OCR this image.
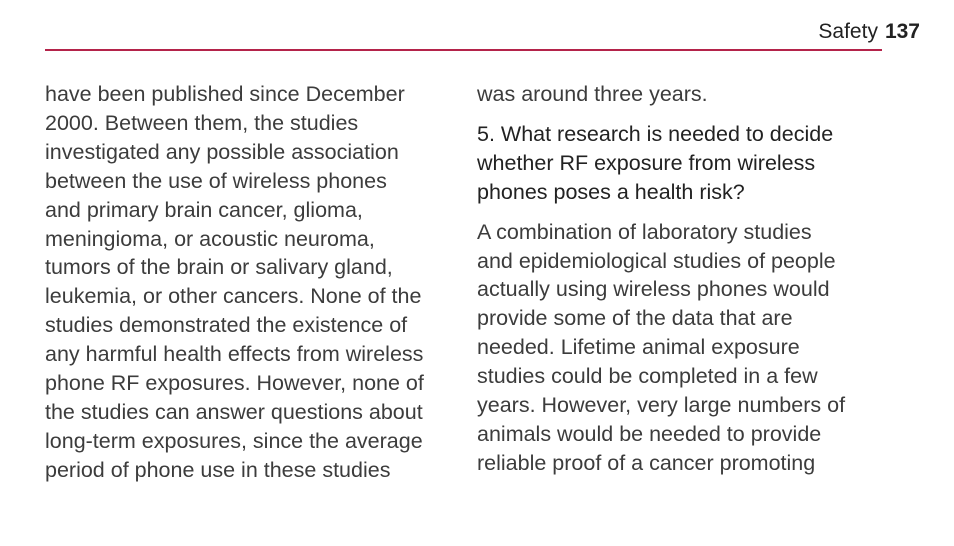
Safety 137

have been published since December
2000. Between them, the studies
investigated any possible association
between the use of wireless phones
and primary brain cancer, glioma,
meningioma, or acoustic neuroma,
tumors of the brain or salivary gland,
leukemia, or other cancers. None of the
studies demonstrated the existence of
any harmful health effects from wireless
phone RF exposures. However, none of
the studies can answer questions about
long-term exposures, since the average
period of phone use in these studies

was around three years.

5. What research is needed to decide
whether RF exposure from wireless
phones poses a health risk?

A combination of laboratory studies
and epidemiological studies of people
actually using wireless phones would
provide some of the data that are
needed. Lifetime animal exposure
studies could be completed in a few
years. However, very large numbers of
animals would be needed to provide
reliable proof of a cancer promoting
